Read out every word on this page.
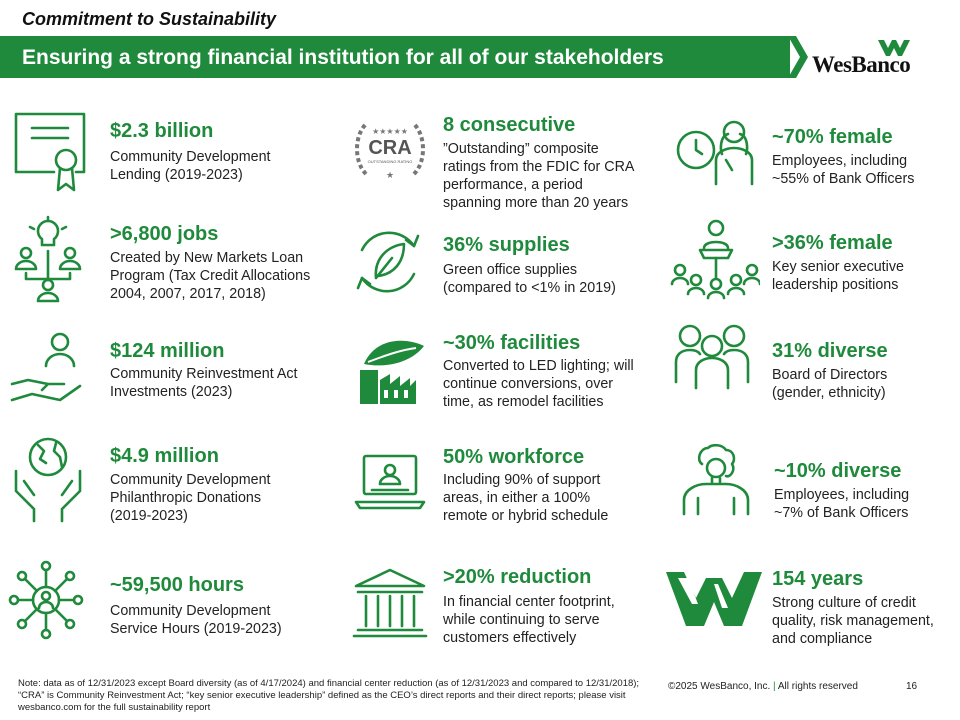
Commitment to Sustainability
Ensuring a strong financial institution for all of our stakeholders	WesBanco
$2.3 billion
Community Development
Lending (2019-2023)
>6,800 jobs
Created by New Markets Loan
Program (Tax Credit Allocations
2004, 2007, 2017, 2018)
$124 million
Community Reinvestment Act
Investments (2023)
$4.9 million
Community Development
Philanthropic Donations
(2019-2023)
~59,500 hours
Community Development
Service Hours (2019-2023)
★★★★★
CRA
OUTSTANDING RATING
★
8 consecutive
”Outstanding” composite
ratings from the FDIC for CRA
performance, a period
spanning more than 20 years
36% supplies
Green office supplies
(compared to <1% in 2019)
~30% facilities
Converted to LED lighting; will
continue conversions, over
time, as remodel facilities
50% workforce
Including 90% of support
areas, in either a 100%
remote or hybrid schedule
>20% reduction
In financial center footprint,
while continuing to serve
customers effectively
~70% female
Employees, including
~55% of Bank Officers
>36% female
Key senior executive
leadership positions
31% diverse
Board of Directors
(gender, ethnicity)
~10% diverse
Employees, including
~7% of Bank Officers
154 years
Strong culture of credit
quality, risk management,
and compliance
Note: data as of 12/31/2023 except Board diversity (as of 4/17/2024) and financial center reduction (as of 12/31/2023 and compared to 12/31/2018); “CRA” is Community Reinvestment Act; “key senior executive leadership” defined as the CEO’s direct reports and their direct reports; please visit wesbanco.com for the full sustainability report
©2025 WesBanco, Inc. | All rights reserved	16
